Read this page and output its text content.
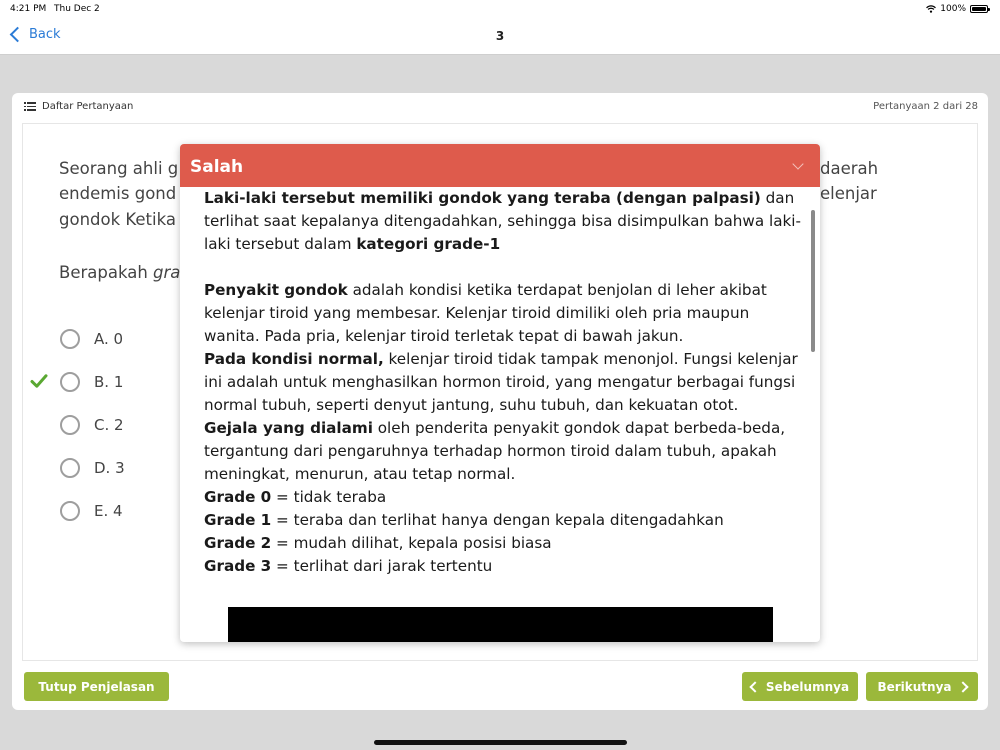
4:21 PM Thu Dec 2	100%
Back	3
Daftar Pertanyaan	Pertanyaan 2 dari 28
Seorang ahli g	daerah
endemis gond	elenjar
gondok Ketika
Berapakah gra
A. 0
B. 1
C. 2
D. 3
E. 4
Tutup Penjelasan	Sebelumnya Berikutnya
Salah

Laki-laki tersebut memiliki gondok yang teraba (dengan palpasi) dan terlihat saat kepalanya ditengadahkan, sehingga bisa disimpulkan bahwa laki-laki tersebut dalam kategori grade-1

Penyakit gondok adalah kondisi ketika terdapat benjolan di leher akibat kelenjar tiroid yang membesar. Kelenjar tiroid dimiliki oleh pria maupun wanita. Pada pria, kelenjar tiroid terletak tepat di bawah jakun.

Pada kondisi normal, kelenjar tiroid tidak tampak menonjol. Fungsi kelenjar ini adalah untuk menghasilkan hormon tiroid, yang mengatur berbagai fungsi normal tubuh, seperti denyut jantung, suhu tubuh, dan kekuatan otot.

Gejala yang dialami oleh penderita penyakit gondok dapat berbeda-beda, tergantung dari pengaruhnya terhadap hormon tiroid dalam tubuh, apakah meningkat, menurun, atau tetap normal.

Grade 0 = tidak teraba

Grade 1 = teraba dan terlihat hanya dengan kepala ditengadahkan

Grade 2 = mudah dilihat, kepala posisi biasa

Grade 3 = terlihat dari jarak tertentu
